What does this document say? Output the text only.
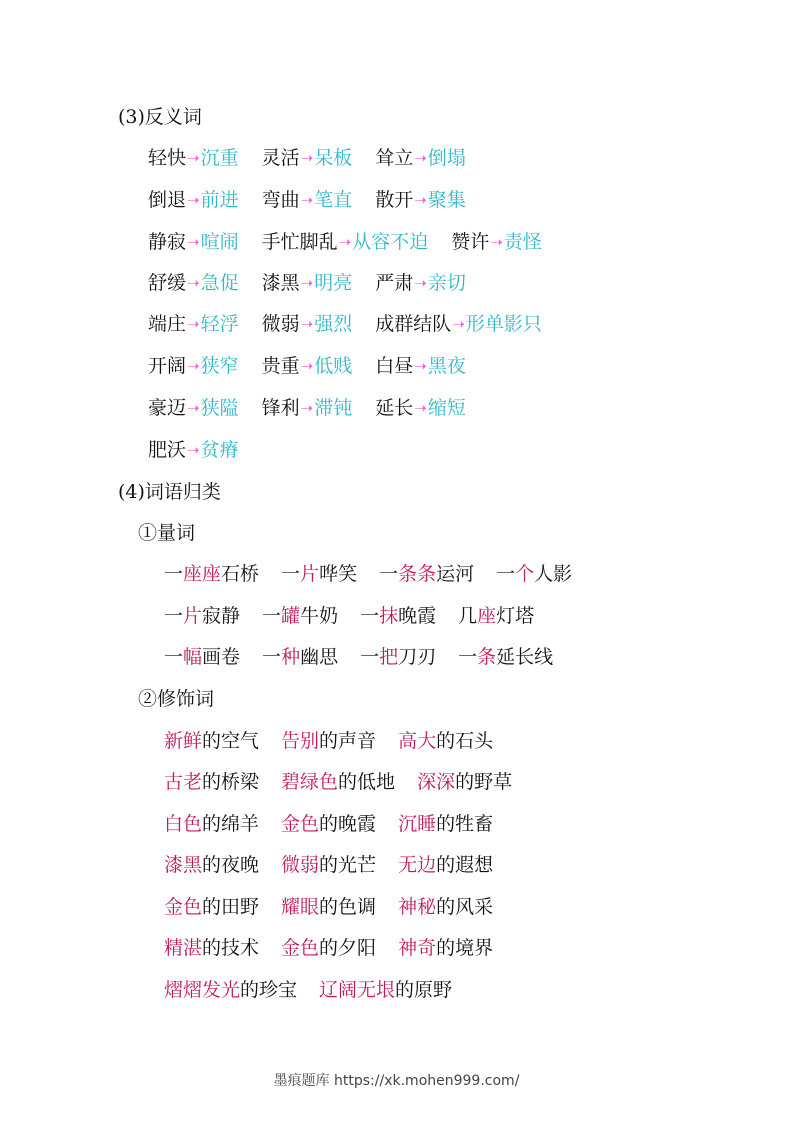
(3)反义词
轻快 ➝ 沉重 灵活 ➝ 呆板 耸立 ➝ 倒塌
倒退 ➝ 前进 弯曲 ➝ 笔直 散开 ➝ 聚集
静寂 ➝ 喧闹 手忙脚乱 ➝ 从容不迫 赞许 ➝ 责怪
舒缓 ➝ 急促 漆黑 ➝ 明亮 严肃 ➝ 亲切
端庄 ➝ 轻浮 微弱 ➝ 强烈 成群结队 ➝ 形单影只
开阔 ➝ 狭窄 贵重 ➝ 低贱 白昼 ➝ 黑夜
豪迈 ➝ 狭隘 锋利 ➝ 滞钝 延长 ➝ 缩短
肥沃 ➝ 贫瘠
(4)词语归类
①量词
一 座座 石桥 一 片 哗笑 一 条条 运河 一 个 人影
一 片 寂静 一 罐 牛奶 一 抹 晚霞 几 座 灯塔
一 幅 画卷 一 种 幽思 一 把 刀刃 一 条 延长线
②修饰词
新鲜 的空气 告别 的声音 高大 的石头
古老 的桥梁 碧绿色 的低地 深深 的野草
白色 的绵羊 金色 的晚霞 沉睡 的牲畜
漆黑 的夜晚 微弱 的光芒 无边 的遐想
金色 的田野 耀眼 的色调 神秘 的风采
精湛 的技术 金色 的夕阳 神奇 的境界
熠熠发光 的珍宝 辽阔无垠 的原野
墨痕题库 https://xk.mohen999.com/
